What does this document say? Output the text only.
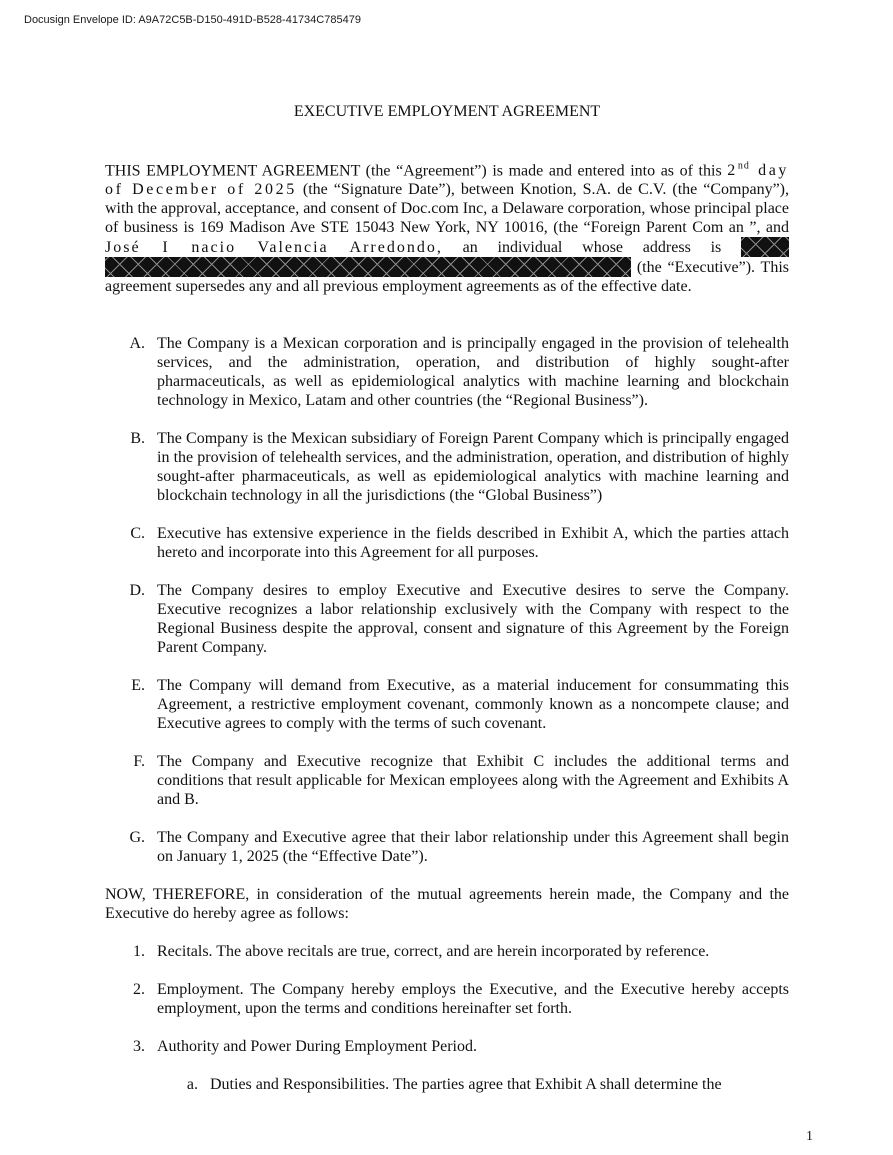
Docusign Envelope ID: A9A72C5B-D150-491D-B528-41734C785479
EXECUTIVE EMPLOYMENT AGREEMENT

THIS EMPLOYMENT AGREEMENT (the “Agreement”) is made and entered into as of this 2nd day of December of 2025 (the “Signature Date”), between Knotion, S.A. de C.V. (the “Company”), with the approval, acceptance, and consent of Doc.com Inc, a Delaware corporation, whose principal place of business is 169 Madison Ave STE 15043 New York, NY 10016, (the “Foreign Parent Com an ”, and José I nacio Valencia Arredondo, an individual whose address is   (the “Executive”). This agreement supersedes any and all previous employment agreements as of the effective date.

A. The Company is a Mexican corporation and is principally engaged in the provision of telehealth services, and the administration, operation, and distribution of highly sought-after pharmaceuticals, as well as epidemiological analytics with machine learning and blockchain technology in Mexico, Latam and other countries (the “Regional Business”).
B. The Company is the Mexican subsidiary of Foreign Parent Company which is principally engaged in the provision of telehealth services, and the administration, operation, and distribution of highly sought-after pharmaceuticals, as well as epidemiological analytics with machine learning and blockchain technology in all the jurisdictions (the “Global Business”)
C. Executive has extensive experience in the fields described in Exhibit A, which the parties attach hereto and incorporate into this Agreement for all purposes.
D. The Company desires to employ Executive and Executive desires to serve the Company. Executive recognizes a labor relationship exclusively with the Company with respect to the Regional Business despite the approval, consent and signature of this Agreement by the Foreign Parent Company.
E. The Company will demand from Executive, as a material inducement for consummating this Agreement, a restrictive employment covenant, commonly known as a noncompete clause; and Executive agrees to comply with the terms of such covenant.
F. The Company and Executive recognize that Exhibit C includes the additional terms and conditions that result applicable for Mexican employees along with the Agreement and Exhibits A and B.
G. The Company and Executive agree that their labor relationship under this Agreement shall begin on January 1, 2025 (the “Effective Date”).

NOW, THEREFORE, in consideration of the mutual agreements herein made, the Company and the Executive do hereby agree as follows:

1. Recitals. The above recitals are true, correct, and are herein incorporated by reference.
2. Employment. The Company hereby employs the Executive, and the Executive hereby accepts employment, upon the terms and conditions hereinafter set forth.
3. Authority and Power During Employment Period.
a. Duties and Responsibilities. The parties agree that Exhibit A shall determine the
1
